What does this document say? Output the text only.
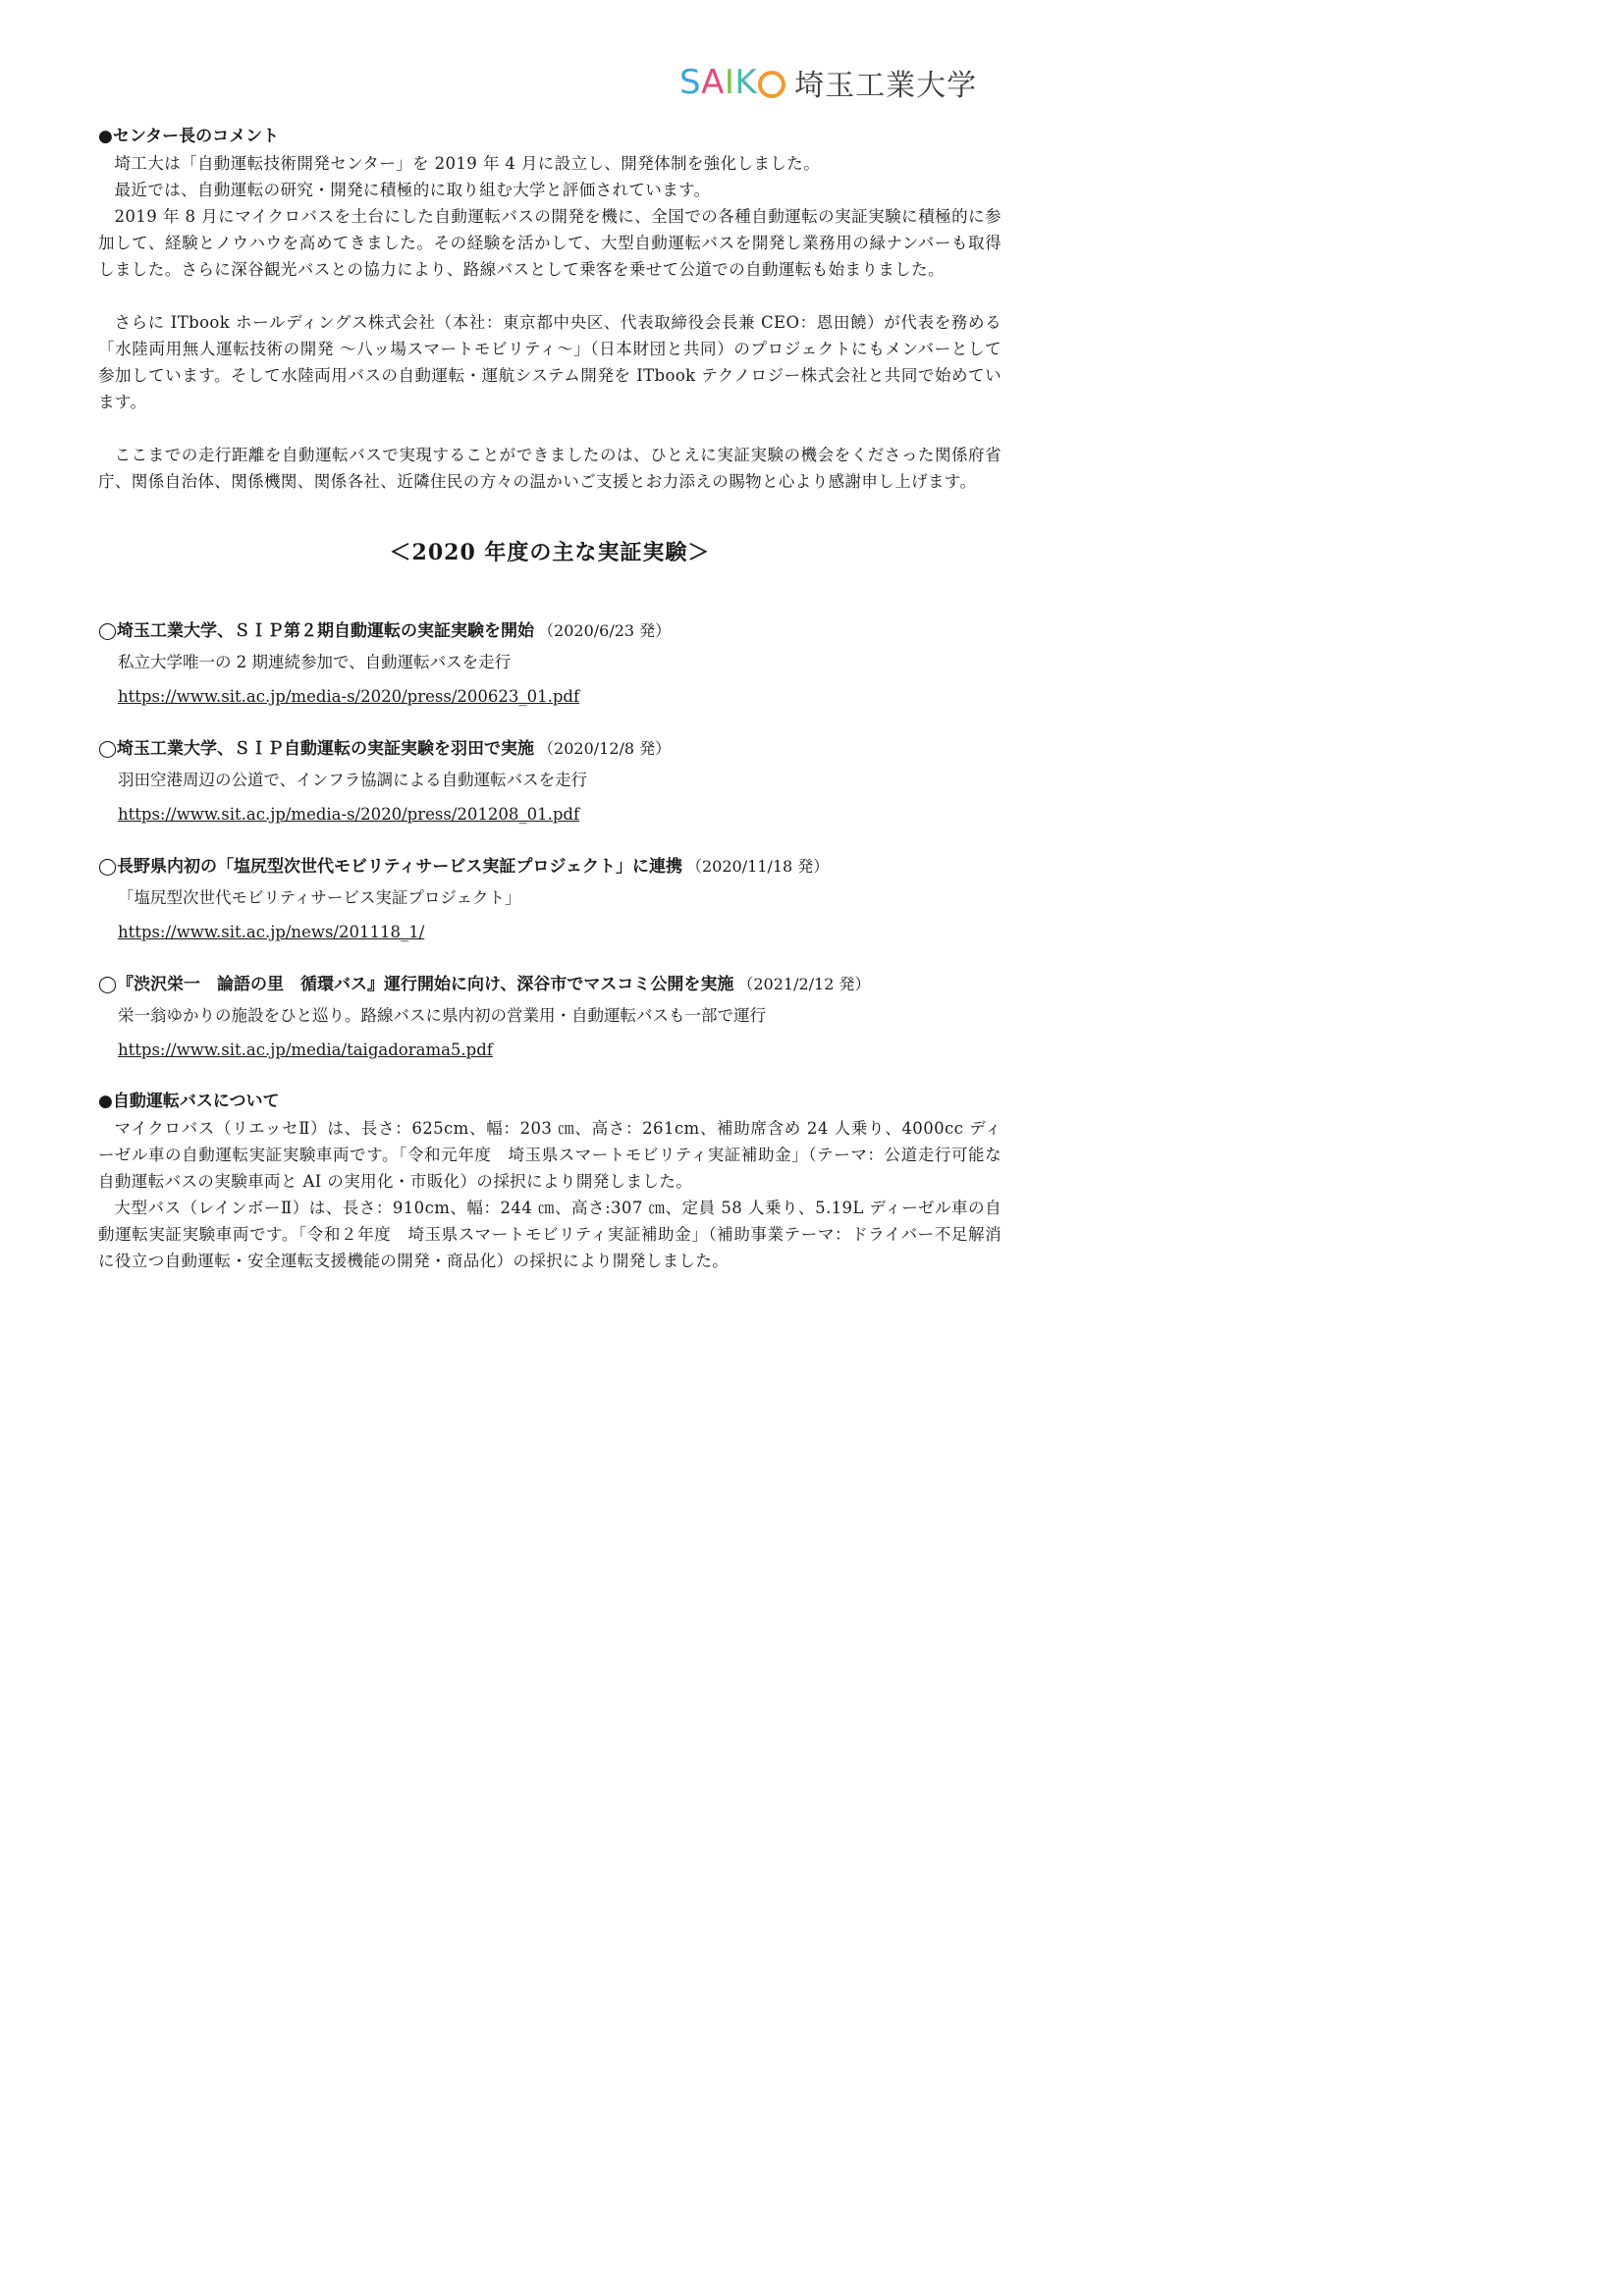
SAIK	埼玉工業大学

●センター長のコメント

埼工大は「自動運転技術開発センター」を 2019 年 4 月に設立し、開発体制を強化しました。

最近では、自動運転の研究・開発に積極的に取り組む大学と評価されています。

2019 年 8 月にマイクロバスを土台にした自動運転バスの開発を機に、全国での各種自動運転の実証実験に積極的に参加して、経験とノウハウを高めてきました。その経験を活かして、大型自動運転バスを開発し業務用の緑ナンバーも取得しました。さらに深谷観光バスとの協力により、路線バスとして乗客を乗せて公道での自動運転も始まりました。

さらに ITbook ホールディングス株式会社（本社：東京都中央区、代表取締役会長兼 CEO：恩田饒）が代表を務める「水陸両用無人運転技術の開発 ～八ッ場スマートモビリティ～」（日本財団と共同）のプロジェクトにもメンバーとして参加しています。そして水陸両用バスの自動運転・運航システム開発を ITbook テクノロジー株式会社と共同で始めています。

ここまでの走行距離を自動運転バスで実現することができましたのは、ひとえに実証実験の機会をくださった関係府省庁、関係自治体、関係機関、関係各社、近隣住民の方々の温かいご支援とお力添えの賜物と心より感謝申し上げます。

＜2020 年度の主な実証実験＞

◯埼玉工業大学、ＳＩＰ第２期自動運転の実証実験を開始 （2020/6/23 発）

私立大学唯一の 2 期連続参加で、自動運転バスを走行

https://www.sit.ac.jp/media-s/2020/press/200623_01.pdf

◯埼玉工業大学、ＳＩＰ自動運転の実証実験を羽田で実施 （2020/12/8 発）

羽田空港周辺の公道で、インフラ協調による自動運転バスを走行

https://www.sit.ac.jp/media-s/2020/press/201208_01.pdf

◯長野県内初の「塩尻型次世代モビリティサービス実証プロジェクト」に連携 （2020/11/18 発）

「塩尻型次世代モビリティサービス実証プロジェクト」

https://www.sit.ac.jp/news/201118_1/

◯『渋沢栄一　論語の里　循環バス』運行開始に向け、深谷市でマスコミ公開を実施 （2021/2/12 発）

栄一翁ゆかりの施設をひと巡り。路線バスに県内初の営業用・自動運転バスも一部で運行

https://www.sit.ac.jp/media/taigadorama5.pdf

●自動運転バスについて

マイクロバス（リエッセⅡ）は、長さ：625cm、幅：203 ㎝、高さ：261cm、補助席含め 24 人乗り、4000cc ディーゼル車の自動運転実証実験車両です。「令和元年度　埼玉県スマートモビリティ実証補助金」（テーマ：公道走行可能な自動運転バスの実験車両と AI の実用化・市販化）の採択により開発しました。

大型バス（レインボーⅡ）は、長さ：910cm、幅：244 ㎝、高さ:307 ㎝、定員 58 人乗り、5.19L ディーゼル車の自動運転実証実験車両です。「令和２年度　埼玉県スマートモビリティ実証補助金」（補助事業テーマ：ドライバー不足解消に役立つ自動運転・安全運転支援機能の開発・商品化）の採択により開発しました。
